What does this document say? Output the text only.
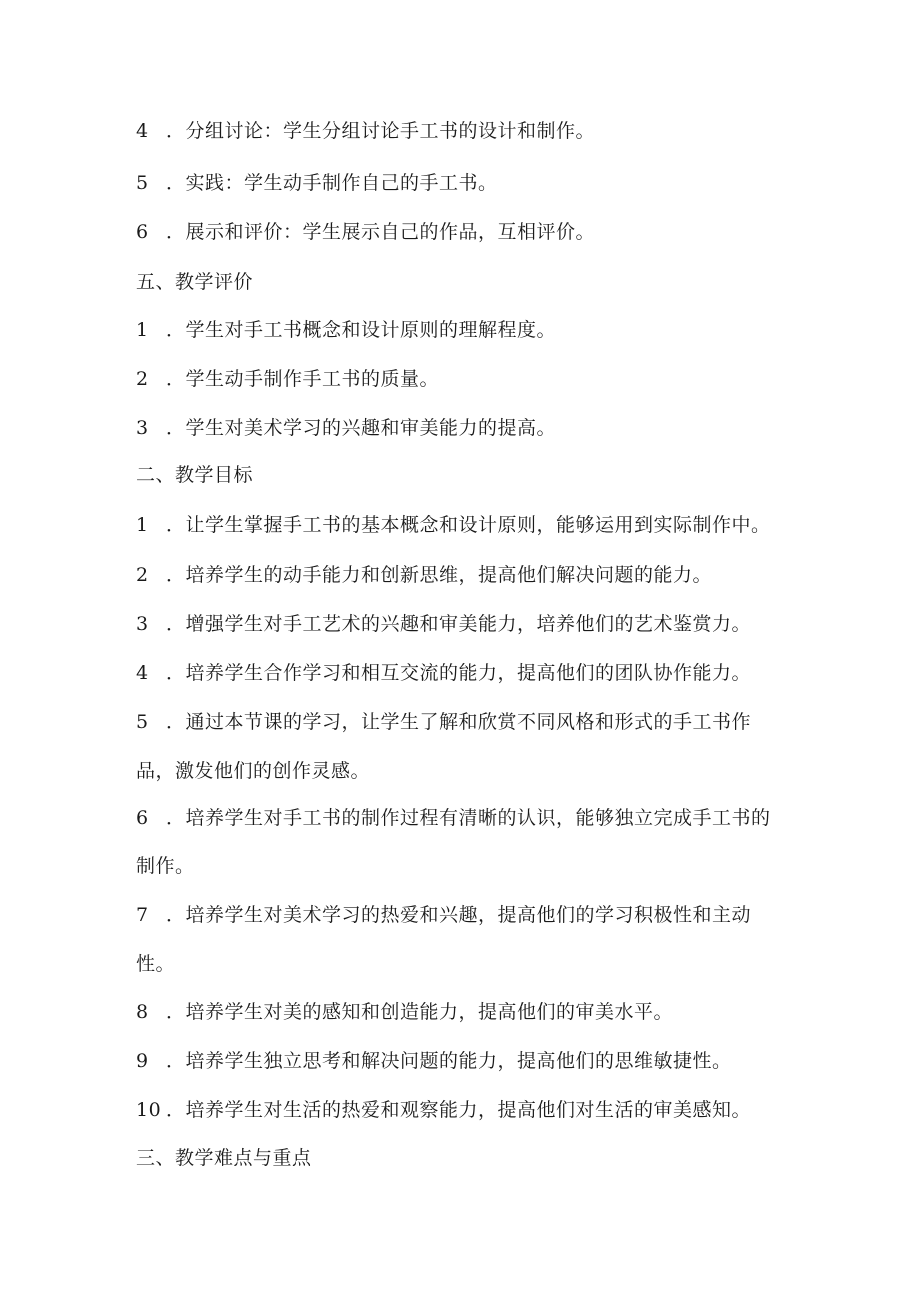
4 ．分组讨论：学生分组讨论手工书的设计和制作。
5 ．实践：学生动手制作自己的手工书。
6 ．展示和评价：学生展示自己的作品，互相评价。
五、教学评价
1 ．学生对手工书概念和设计原则的理解程度。
2 ．学生动手制作手工书的质量。
3 ．学生对美术学习的兴趣和审美能力的提高。
二、教学目标
1 ．让学生掌握手工书的基本概念和设计原则，能够运用到实际制作中。
2 ．培养学生的动手能力和创新思维，提高他们解决问题的能力。
3 ．增强学生对手工艺术的兴趣和审美能力，培养他们的艺术鉴赏力。
4 ．培养学生合作学习和相互交流的能力，提高他们的团队协作能力。
5 ．通过本节课的学习，让学生了解和欣赏不同风格和形式的手工书作
品，激发他们的创作灵感。
6 ．培养学生对手工书的制作过程有清晰的认识，能够独立完成手工书的
制作。
7 ．培养学生对美术学习的热爱和兴趣，提高他们的学习积极性和主动
性。
8 ．培养学生对美的感知和创造能力，提高他们的审美水平。
9 ．培养学生独立思考和解决问题的能力，提高他们的思维敏捷性。
10 ．培养学生对生活的热爱和观察能力，提高他们对生活的审美感知。
三、教学难点与重点
